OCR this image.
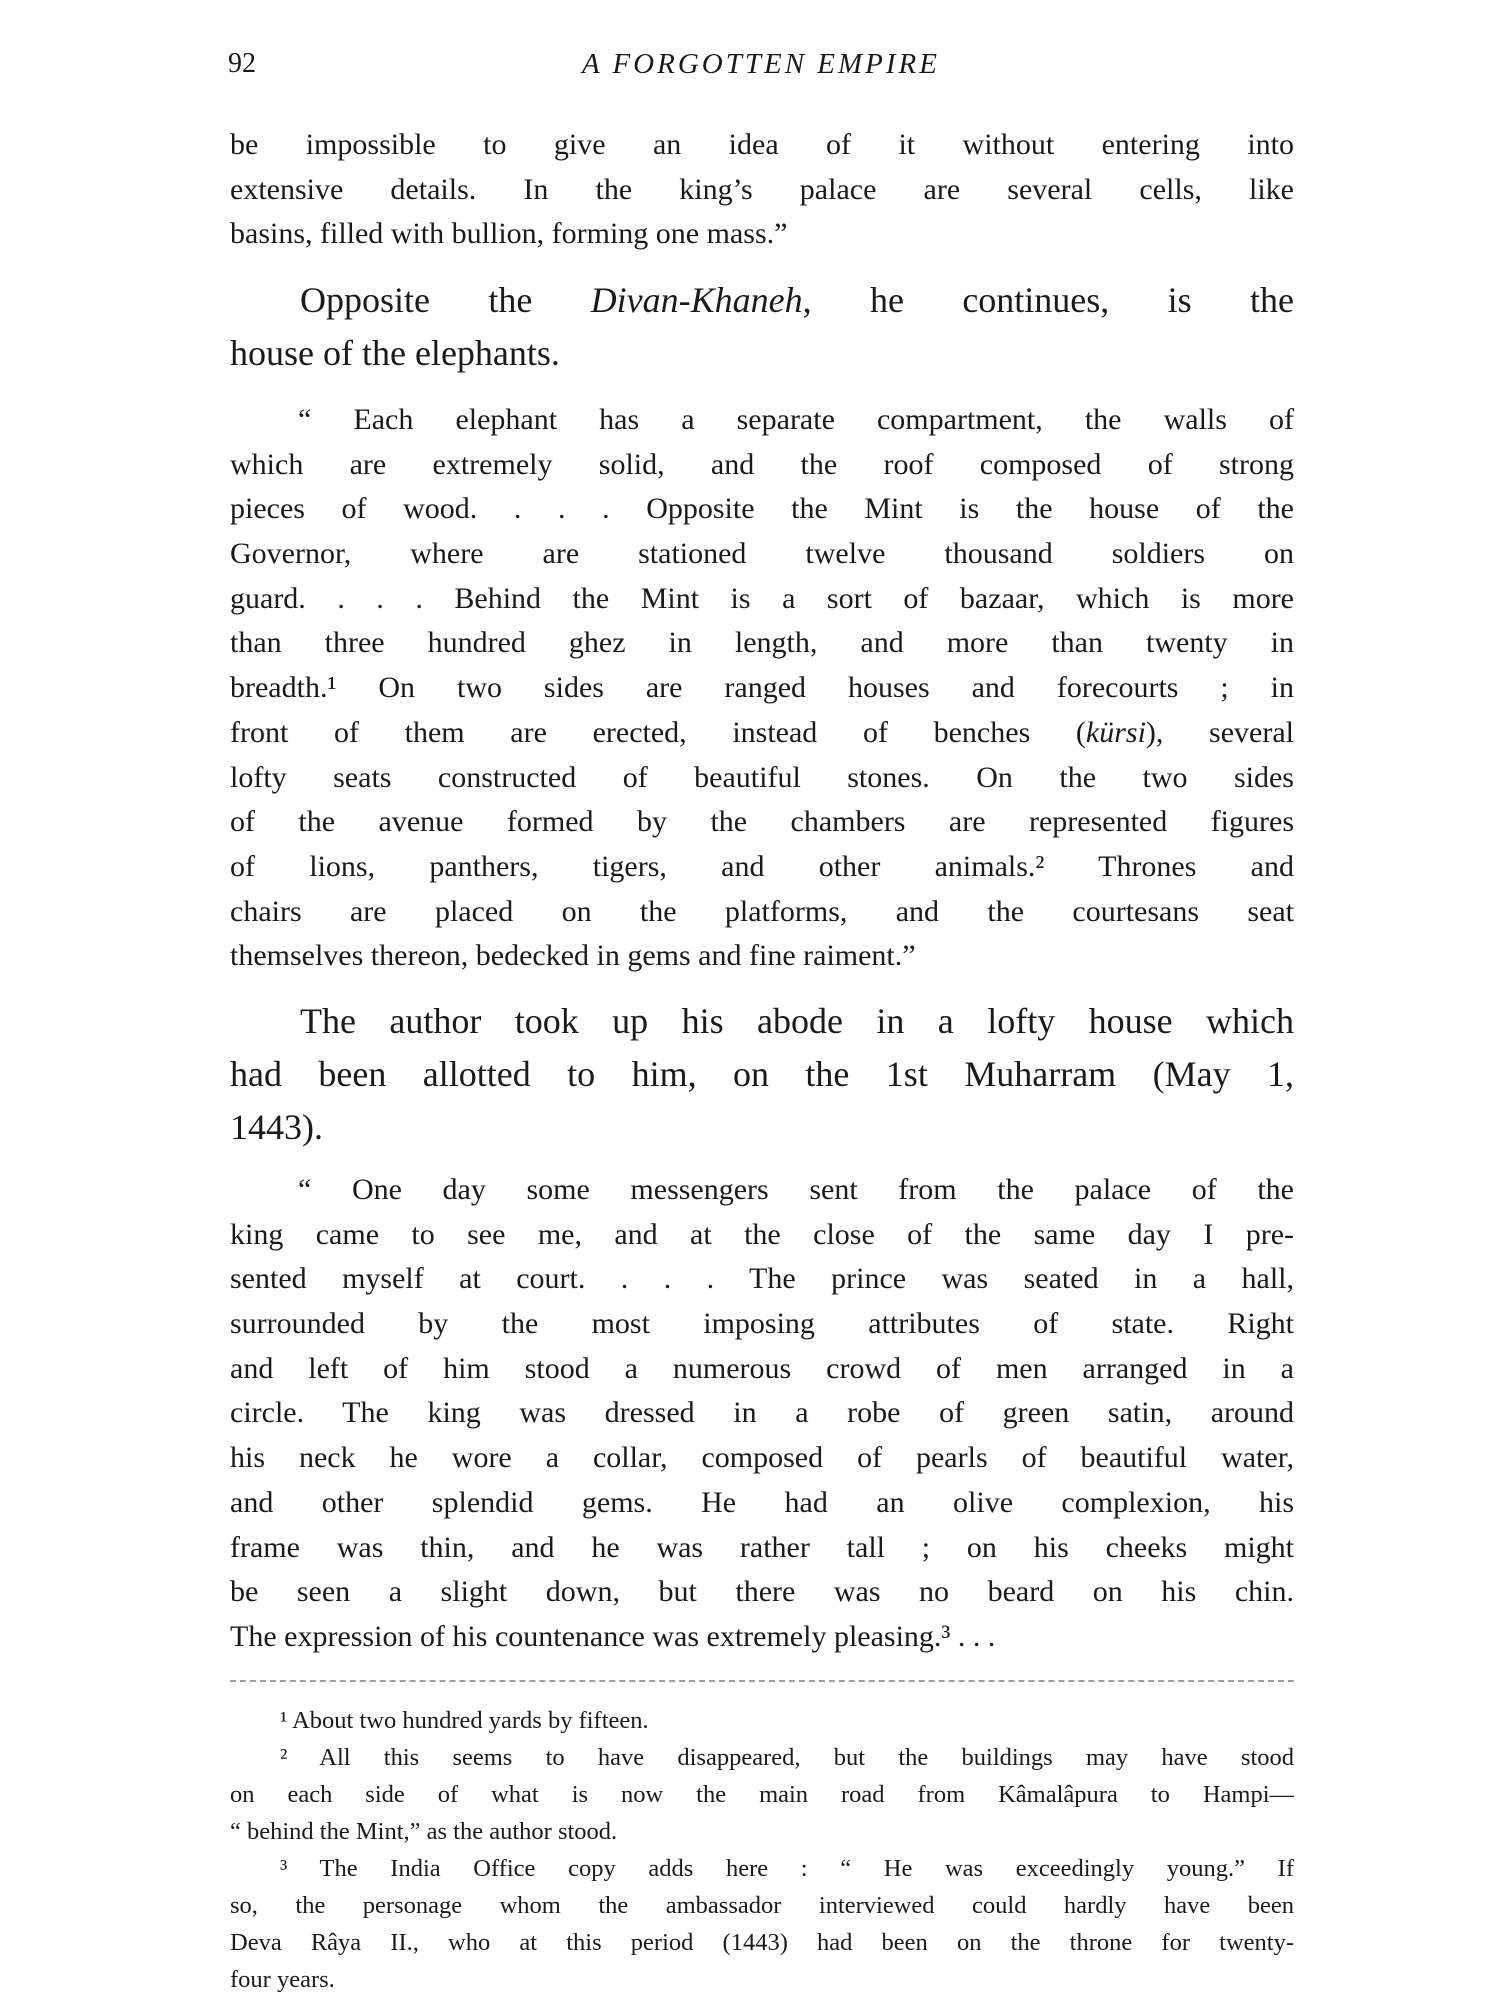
92	A FORGOTTEN EMPIRE
be impossible to give an idea of it without entering into
extensive details. In the king’s palace are several cells, like
basins, filled with bullion, forming one mass.”
Opposite the Divan-Khaneh, he continues, is the
house of the elephants.
“ Each elephant has a separate compartment, the walls of
which are extremely solid, and the roof composed of strong
pieces of wood. . . . Opposite the Mint is the house of the
Governor, where are stationed twelve thousand soldiers on
guard. . . . Behind the Mint is a sort of bazaar, which is more
than three hundred ghez in length, and more than twenty in
breadth.¹ On two sides are ranged houses and forecourts ; in
front of them are erected, instead of benches (kürsi), several
lofty seats constructed of beautiful stones. On the two sides
of the avenue formed by the chambers are represented figures
of lions, panthers, tigers, and other animals.² Thrones and
chairs are placed on the platforms, and the courtesans seat
themselves thereon, bedecked in gems and fine raiment.”
The author took up his abode in a lofty house which
had been allotted to him, on the 1st Muharram (May 1,
1443).
“ One day some messengers sent from the palace of the
king came to see me, and at the close of the same day I pre-
sented myself at court. . . . The prince was seated in a hall,
surrounded by the most imposing attributes of state. Right
and left of him stood a numerous crowd of men arranged in a
circle. The king was dressed in a robe of green satin, around
his neck he wore a collar, composed of pearls of beautiful water,
and other splendid gems. He had an olive complexion, his
frame was thin, and he was rather tall ; on his cheeks might
be seen a slight down, but there was no beard on his chin.
The expression of his countenance was extremely pleasing.³ . . .
¹ About two hundred yards by fifteen.
² All this seems to have disappeared, but the buildings may have stood
on each side of what is now the main road from Kâmalâpura to Hampi—
“ behind the Mint,” as the author stood.
³ The India Office copy adds here : “ He was exceedingly young.” If
so, the personage whom the ambassador interviewed could hardly have been
Deva Râya II., who at this period (1443) had been on the throne for twenty-
four years.
